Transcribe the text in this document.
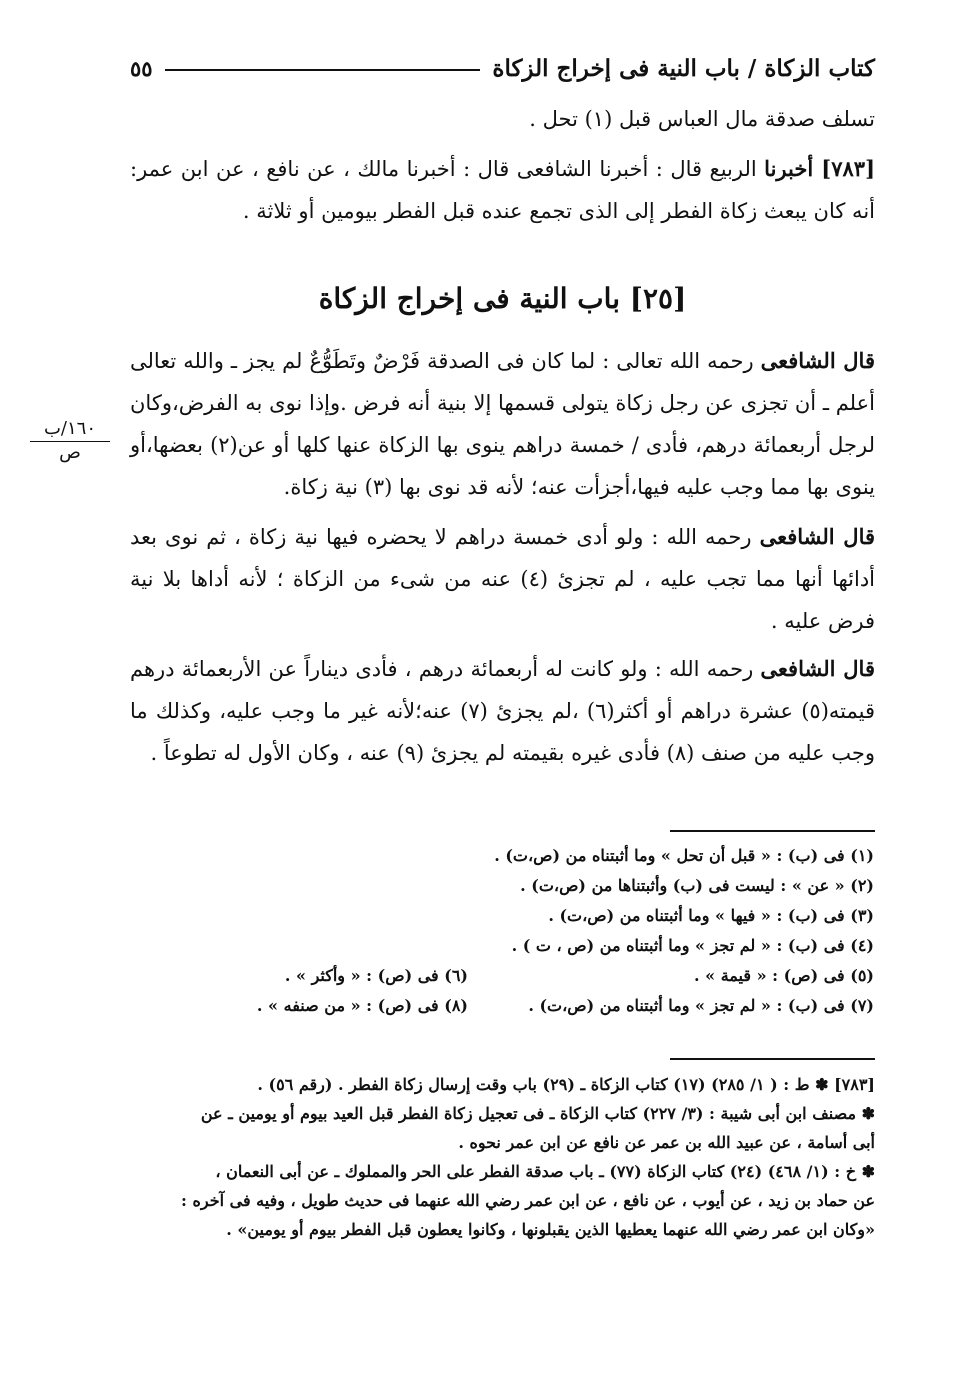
كتاب الزكاة / باب النية فى إخراج الزكاة
٥٥
تسلف صدقة مال العباس قبل (١) تحل .
[٧٨٣] أخبرنا الربيع قال : أخبرنا الشافعى قال : أخبرنا مالك ، عن نافع ، عن ابن عمر: أنه كان يبعث زكاة الفطر إلى الذى تجمع عنده قبل الفطر بيومين أو ثلاثة .
[٢٥] باب النية فى إخراج الزكاة
قال الشافعى رحمه الله تعالى : لما كان فى الصدقة فَرْضٌ وتَطَوُّعٌ لم يجز ـ والله تعالى أعلم ـ أن تجزى عن رجل زكاة يتولى قسمها إلا بنية أنه فرض .وإذا نوى به الفرض،وكان لرجل أربعمائة درهم، فأدى / خمسة دراهم ينوى بها الزكاة عنها كلها أو عن(٢) بعضها،أو ينوى بها مما وجب عليه فيها،أجزأت عنه؛ لأنه قد نوى بها (٣) نية زكاة.
١٦٠/ب
ص
قال الشافعى رحمه الله : ولو أدى خمسة دراهم لا يحضره فيها نية زكاة ، ثم نوى بعد أدائها أنها مما تجب عليه ، لم تجزئ (٤) عنه من شىء من الزكاة ؛ لأنه أداها بلا نية فرض عليه .
قال الشافعى رحمه الله : ولو كانت له أربعمائة درهم ، فأدى ديناراً عن الأربعمائة درهم قيمته(٥) عشرة دراهم أو أكثر(٦) ،لم يجزئ (٧) عنه؛لأنه غير ما وجب عليه، وكذلك ما وجب عليه من صنف (٨) فأدى غيره بقيمته لم يجزئ (٩) عنه ، وكان الأول له تطوعاً .
(١) فى (ب) : « قبل أن تحل » وما أثبتناه من (ص،ت) .
(٢) « عن » : ليست فى (ب) وأثبتناها من (ص،ت) .
(٣) فى (ب) : « فيها » وما أثبتناه من (ص،ت) .
(٤) فى (ب) : « لم تجز » وما أثبتناه من (ص ، ت ) .
(٥) فى (ص) : « قيمة » .
(٦) فى (ص) : « وأكثر » .
(٧) فى (ب) : « لم تجز » وما أثبتناه من (ص،ت) .
(٨) فى (ص) : « من صنفه » .
[٧٨٣] ✽ ط : ( ١/ ٢٨٥) (١٧) كتاب الزكاة ـ (٢٩) باب وقت إرسال زكاة الفطر . (رقم ٥٦) .
✽ مصنف ابن أبى شيبة : (٣/ ٢٢٧) كتاب الزكاة ـ فى تعجيل زكاة الفطر قبل العيد بيوم أو يومين ـ عن
أبى أسامة ، عن عبيد الله بن عمر عن نافع عن ابن عمر نحوه .
✽ خ : (١/ ٤٦٨) (٢٤) كتاب الزكاة (٧٧) ـ باب صدقة الفطر على الحر والمملوك ـ عن أبى النعمان ،
عن حماد بن زيد ، عن أيوب ، عن نافع ، عن ابن عمر رضي الله عنهما فى حديث طويل ، وفيه فى آخره :
«وكان ابن عمر رضي الله عنهما يعطيها الذين يقبلونها ، وكانوا يعطون قبل الفطر بيوم أو يومين» .
